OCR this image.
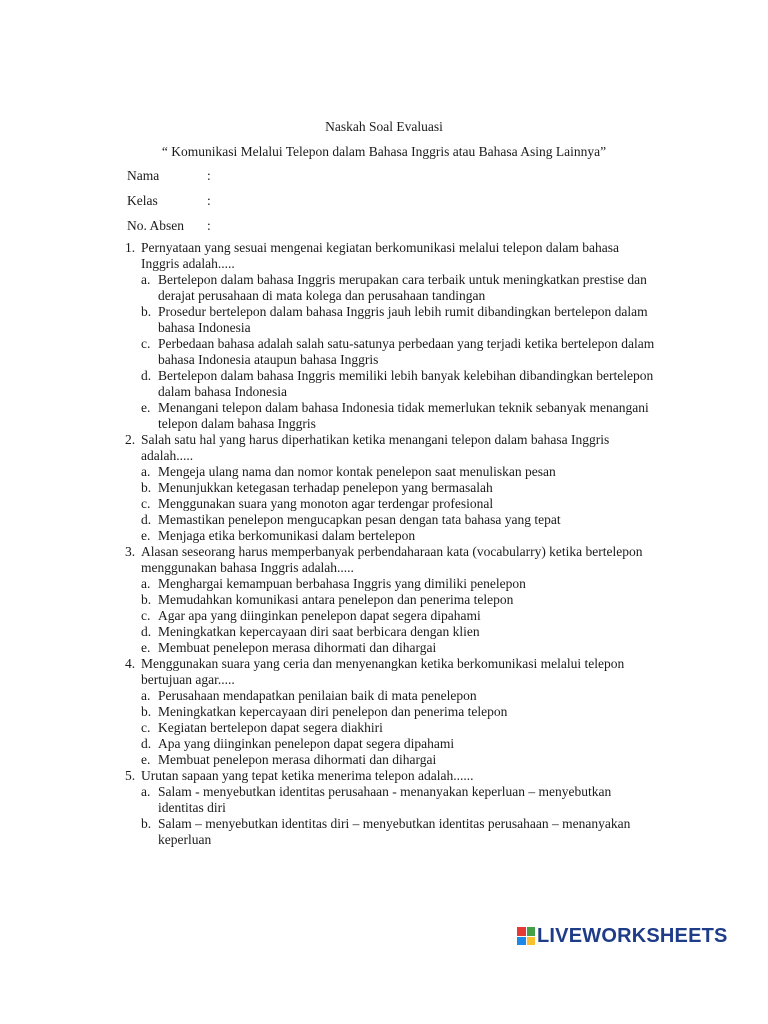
Naskah Soal Evaluasi
“ Komunikasi Melalui Telepon dalam Bahasa Inggris atau Bahasa Asing Lainnya”
Nama	:
Kelas	:
No. Absen :
1. Pernyataan yang sesuai mengenai kegiatan berkomunikasi melalui telepon dalam bahasa Inggris adalah.....
a. Bertelepon dalam bahasa Inggris merupakan cara terbaik untuk meningkatkan prestise dan derajat perusahaan di mata kolega dan perusahaan tandingan
b. Prosedur bertelepon dalam bahasa Inggris jauh lebih rumit dibandingkan bertelepon dalam bahasa Indonesia
c. Perbedaan bahasa adalah salah satu-satunya perbedaan yang terjadi ketika bertelepon dalam bahasa Indonesia ataupun bahasa Inggris
d. Bertelepon dalam bahasa Inggris memiliki lebih banyak kelebihan dibandingkan bertelepon dalam bahasa Indonesia
e. Menangani telepon dalam bahasa Indonesia tidak memerlukan teknik sebanyak menangani telepon dalam bahasa Inggris
2. Salah satu hal yang harus diperhatikan ketika menangani telepon dalam bahasa Inggris adalah.....
a. Mengeja ulang nama dan nomor kontak penelepon saat menuliskan pesan
b. Menunjukkan ketegasan terhadap penelepon yang bermasalah
c. Menggunakan suara yang monoton agar terdengar profesional
d. Memastikan penelepon mengucapkan pesan dengan tata bahasa yang tepat
e. Menjaga etika berkomunikasi dalam bertelepon
3. Alasan seseorang harus memperbanyak perbendaharaan kata (vocabularry) ketika bertelepon menggunakan bahasa Inggris adalah.....
a. Menghargai kemampuan berbahasa Inggris yang dimiliki penelepon
b. Memudahkan komunikasi antara penelepon dan penerima telepon
c. Agar apa yang diinginkan penelepon dapat segera dipahami
d. Meningkatkan kepercayaan diri saat berbicara dengan klien
e. Membuat penelepon merasa dihormati dan dihargai
4. Menggunakan suara yang ceria dan menyenangkan ketika berkomunikasi melalui telepon bertujuan agar.....
a. Perusahaan mendapatkan penilaian baik di mata penelepon
b. Meningkatkan kepercayaan diri penelepon dan penerima telepon
c. Kegiatan bertelepon dapat segera diakhiri
d. Apa yang diinginkan penelepon dapat segera dipahami
e. Membuat penelepon merasa dihormati dan dihargai
5. Urutan sapaan yang tepat ketika menerima telepon adalah......
a. Salam - menyebutkan identitas perusahaan - menanyakan keperluan – menyebutkan identitas diri
b. Salam – menyebutkan identitas diri – menyebutkan identitas perusahaan – menanyakan keperluan
LIVEWORKSHEETS
